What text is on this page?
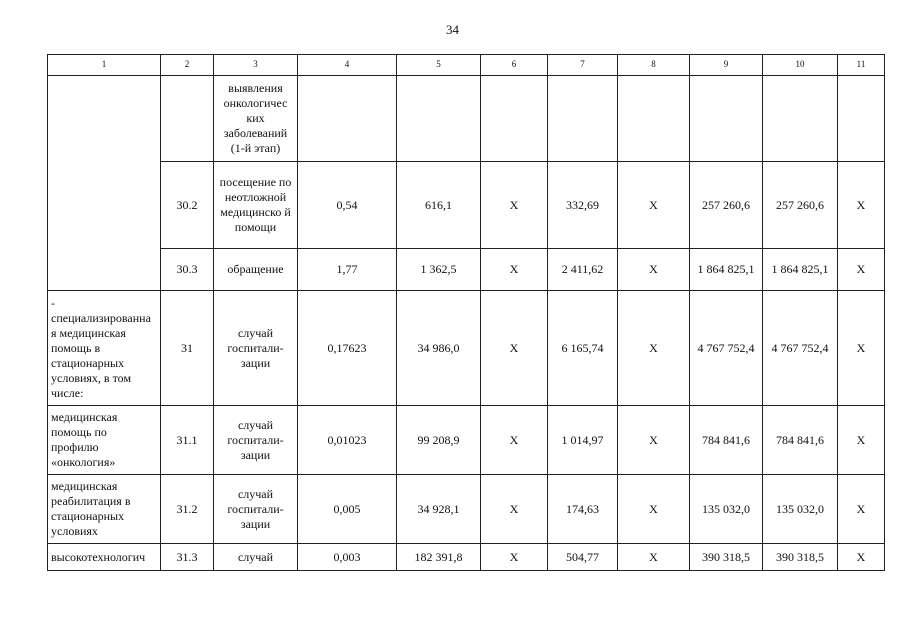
34
1	2	3	4	5	6	7	8	9	10	11
		выявления онкологичес ких заболеваний (1-й этап)								
	30.2	посещение по неотложной медицинско й помощи	0,54	616,1	X	332,69	X	257 260,6	257 260,6	X
	30.3	обращение	1,77	1 362,5	X	2 411,62	X	1 864 825,1	1 864 825,1	X
- специализированна я медицинская помощь в стационарных условиях, в том числе:	31	случай госпитали- зации	0,17623	34 986,0	X	6 165,74	X	4 767 752,4	4 767 752,4	X
медицинская помощь по профилю «онкология»	31.1	случай госпитали- зации	0,01023	99 208,9	X	1 014,97	X	784 841,6	784 841,6	X
медицинская реабилитация в стационарных условиях	31.2	случай госпитали- зации	0,005	34 928,1	X	174,63	X	135 032,0	135 032,0	X
высокотехнологич	31.3	случай	0,003	182 391,8	X	504,77	X	390 318,5	390 318,5	X
